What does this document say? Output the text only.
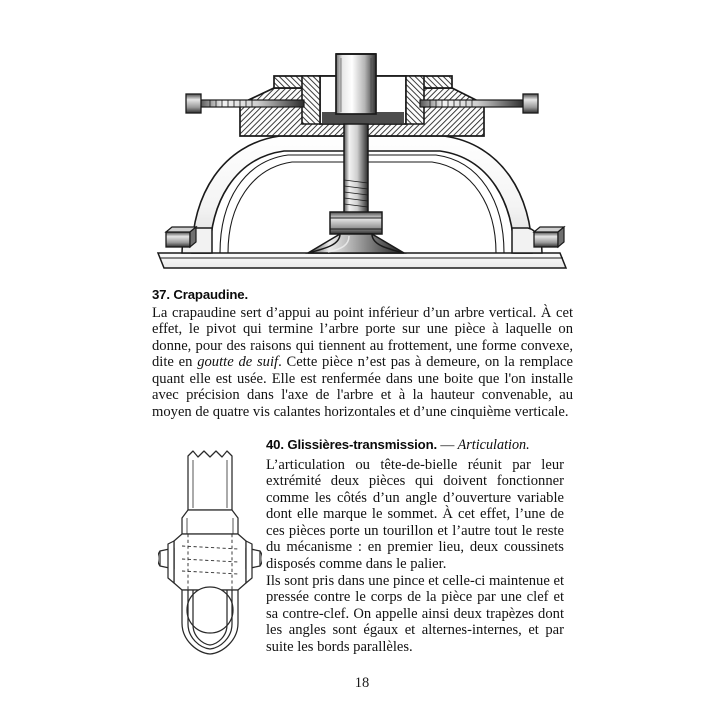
37. Crapaudine.

La crapaudine sert d’appui au point inférieur d’un arbre vertical. À cet effet, le pivot qui termine l’arbre porte sur une pièce à laquelle on donne, pour des raisons qui tiennent au frottement, une forme convexe, dite en goutte de suif. Cette pièce n’est pas à demeure, on la remplace quant elle est usée. Elle est renfermée dans une boite que l'on installe avec précision dans l'axe de l'arbre et à la hauteur convenable, au moyen de quatre vis calantes horizontales et d’une cinquième verticale.

40. Glissières-transmission. — Articulation.

L’articulation ou tête-de-bielle réunit par leur extrémité deux pièces qui doivent fonctionner comme les côtés d’un angle d’ouverture variable dont elle marque le sommet. À cet effet, l’une de ces pièces porte un tourillon et l’autre tout le reste du mécanisme : en premier lieu, deux coussinets disposés comme dans le palier.

Ils sont pris dans une pince et celle-ci maintenue et pressée contre le corps de la pièce par une clef et sa contre-clef. On appelle ainsi deux trapèzes dont les angles sont égaux et alternes-internes, et par suite les bords parallèles.

18
